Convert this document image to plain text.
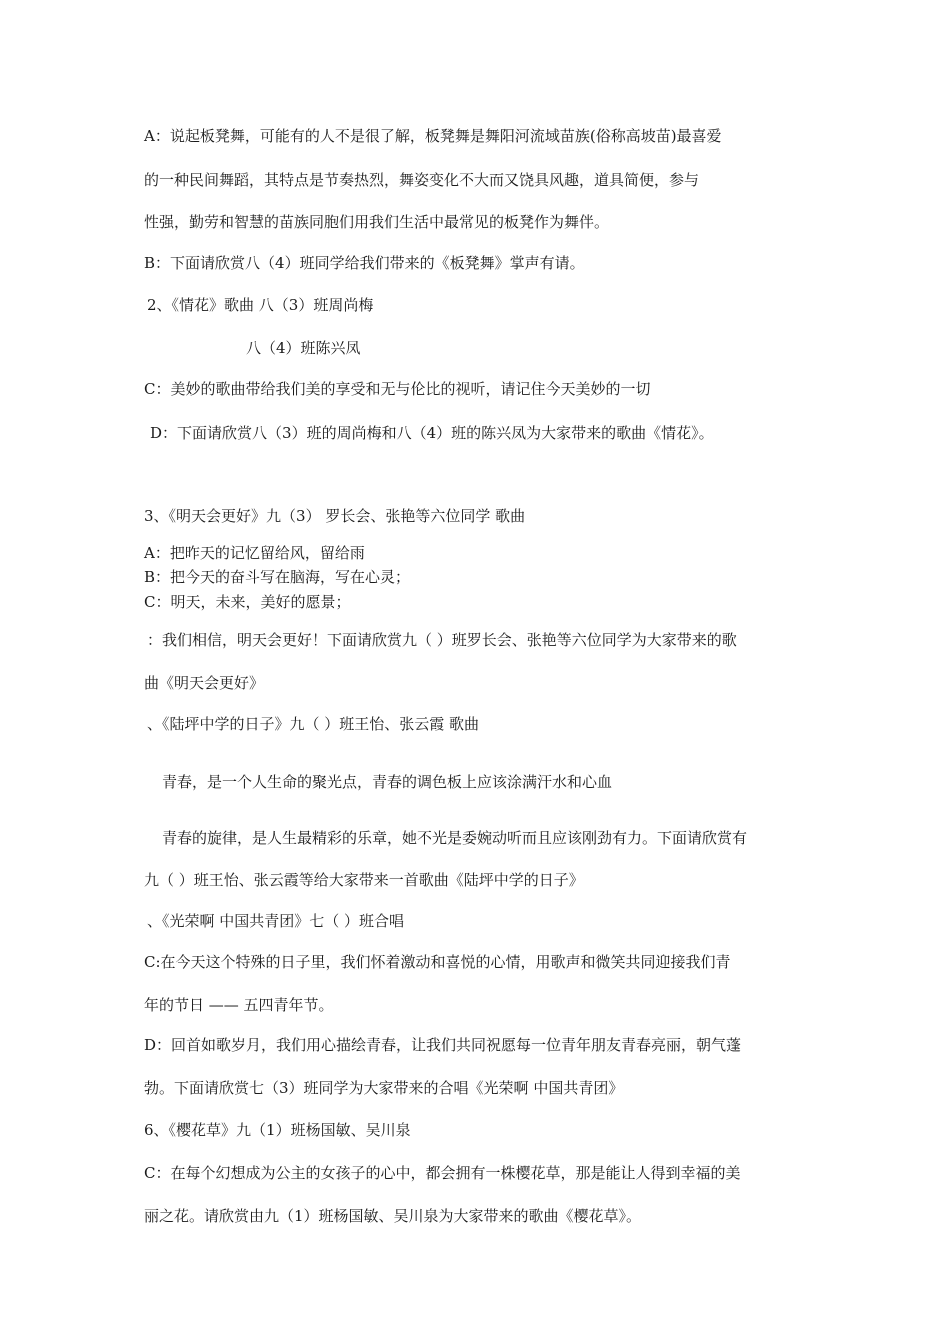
A：说起板凳舞，可能有的人不是很了解，板凳舞是舞阳河流域苗族(俗称高坡苗)最喜爱
的一种民间舞蹈，其特点是节奏热烈，舞姿变化不大而又饶具风趣，道具简便，参与
性强，勤劳和智慧的苗族同胞们用我们生活中最常见的板凳作为舞伴。
B：下面请欣赏八（4）班同学给我们带来的《板凳舞》掌声有请。
2、《情花》歌曲 八（3）班周尚梅
八（4）班陈兴凤
C：美妙的歌曲带给我们美的享受和无与伦比的视听，请记住今天美妙的一切
D：下面请欣赏八（3）班的周尚梅和八（4）班的陈兴凤为大家带来的歌曲《情花》。
3、《明天会更好》九（3） 罗长会、张艳等六位同学 歌曲
A：把昨天的记忆留给风，留给雨
B：把今天的奋斗写在脑海，写在心灵；
C：明天，未来，美好的愿景；
：我们相信，明天会更好！下面请欣赏九（ ）班罗长会、张艳等六位同学为大家带来的歌
曲《明天会更好》
、《陆坪中学的日子》九（ ）班王怡、张云霞 歌曲
青春，是一个人生命的聚光点，青春的调色板上应该涂满汗水和心血
青春的旋律，是人生最精彩的乐章，她不光是委婉动听而且应该刚劲有力。下面请欣赏有
九（ ）班王怡、张云霞等给大家带来一首歌曲《陆坪中学的日子》
、《光荣啊 中国共青团》七（ ）班合唱
C:在今天这个特殊的日子里，我们怀着激动和喜悦的心情，用歌声和微笑共同迎接我们青
年的节日 —— 五四青年节。
D：回首如歌岁月，我们用心描绘青春，让我们共同祝愿每一位青年朋友青春亮丽，朝气蓬
勃。下面请欣赏七（3）班同学为大家带来的合唱《光荣啊 中国共青团》
6、《樱花草》九（1）班杨国敏、吴川泉
C：在每个幻想成为公主的女孩子的心中，都会拥有一株樱花草，那是能让人得到幸福的美
丽之花。请欣赏由九（1）班杨国敏、吴川泉为大家带来的歌曲《樱花草》。
